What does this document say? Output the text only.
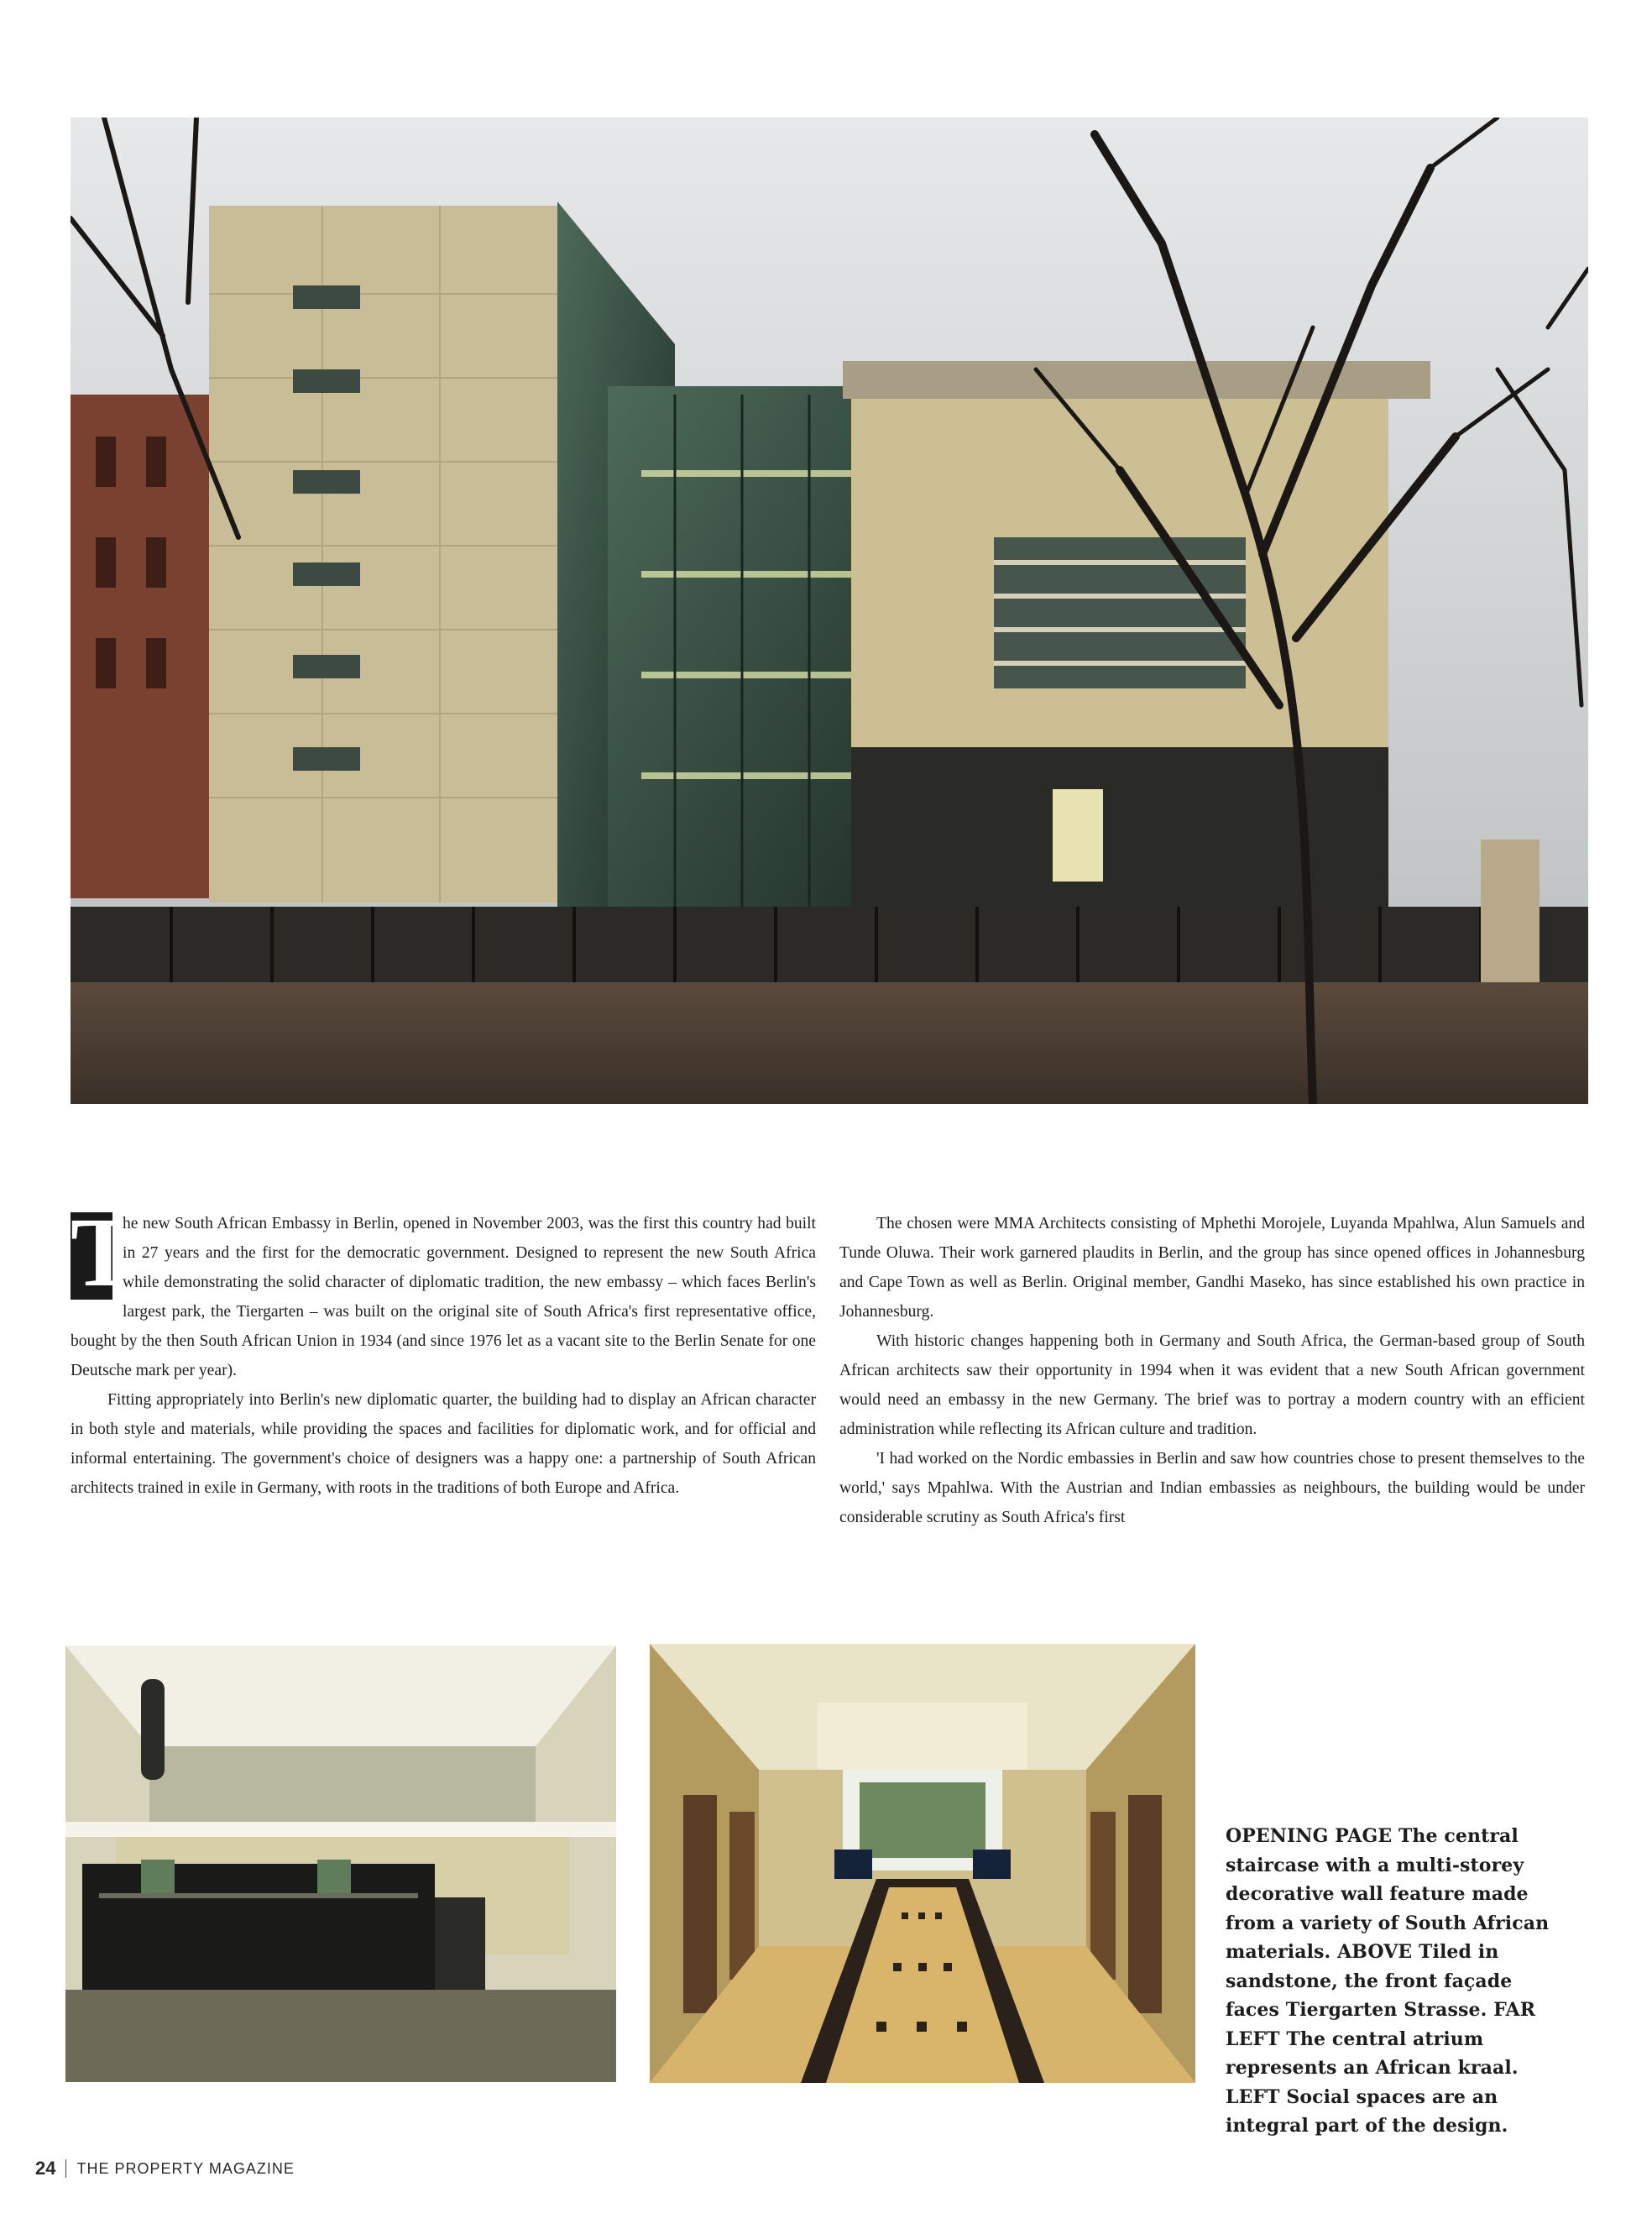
T
he new South African Embassy in Berlin, opened in November 2003, was the first this country had built in 27 years and the first for the democratic government. Designed to represent the new South Africa while demonstrating the solid character of diplomatic tradition, the new embassy – which faces Berlin's largest park, the Tiergarten – was built on the original site of South Africa's first representative office, bought by the then South African Union in 1934 (and since 1976 let as a vacant site to the Berlin Senate for one Deutsche mark per year).

Fitting appropriately into Berlin's new diplomatic quarter, the building had to display an African character in both style and materials, while providing the spaces and facilities for diplomatic work, and for official and informal entertaining. The government's choice of designers was a happy one: a partnership of South African architects trained in exile in Germany, with roots in the traditions of both Europe and Africa.

The chosen were MMA Architects consisting of Mphethi Morojele, Luyanda Mpahlwa, Alun Samuels and Tunde Oluwa. Their work garnered plaudits in Berlin, and the group has since opened offices in Johannesburg and Cape Town as well as Berlin. Original member, Gandhi Maseko, has since established his own practice in Johannesburg.

With historic changes happening both in Germany and South Africa, the German-based group of South African architects saw their opportunity in 1994 when it was evident that a new South African government would need an embassy in the new Germany. The brief was to portray a modern country with an efficient administration while reflecting its African culture and tradition.

'I had worked on the Nordic embassies in Berlin and saw how countries chose to present themselves to the world,' says Mpahlwa. With the Austrian and Indian embassies as neighbours, the building would be under considerable scrutiny as South Africa's first

OPENING PAGE The central staircase with a multi-storey decorative wall feature made from a variety of South African materials. ABOVE Tiled in sandstone, the front façade faces Tiergarten Strasse. FAR LEFT The central atrium represents an African kraal. LEFT Social spaces are an integral part of the design.
24 THE PROPERTY MAGAZINE
